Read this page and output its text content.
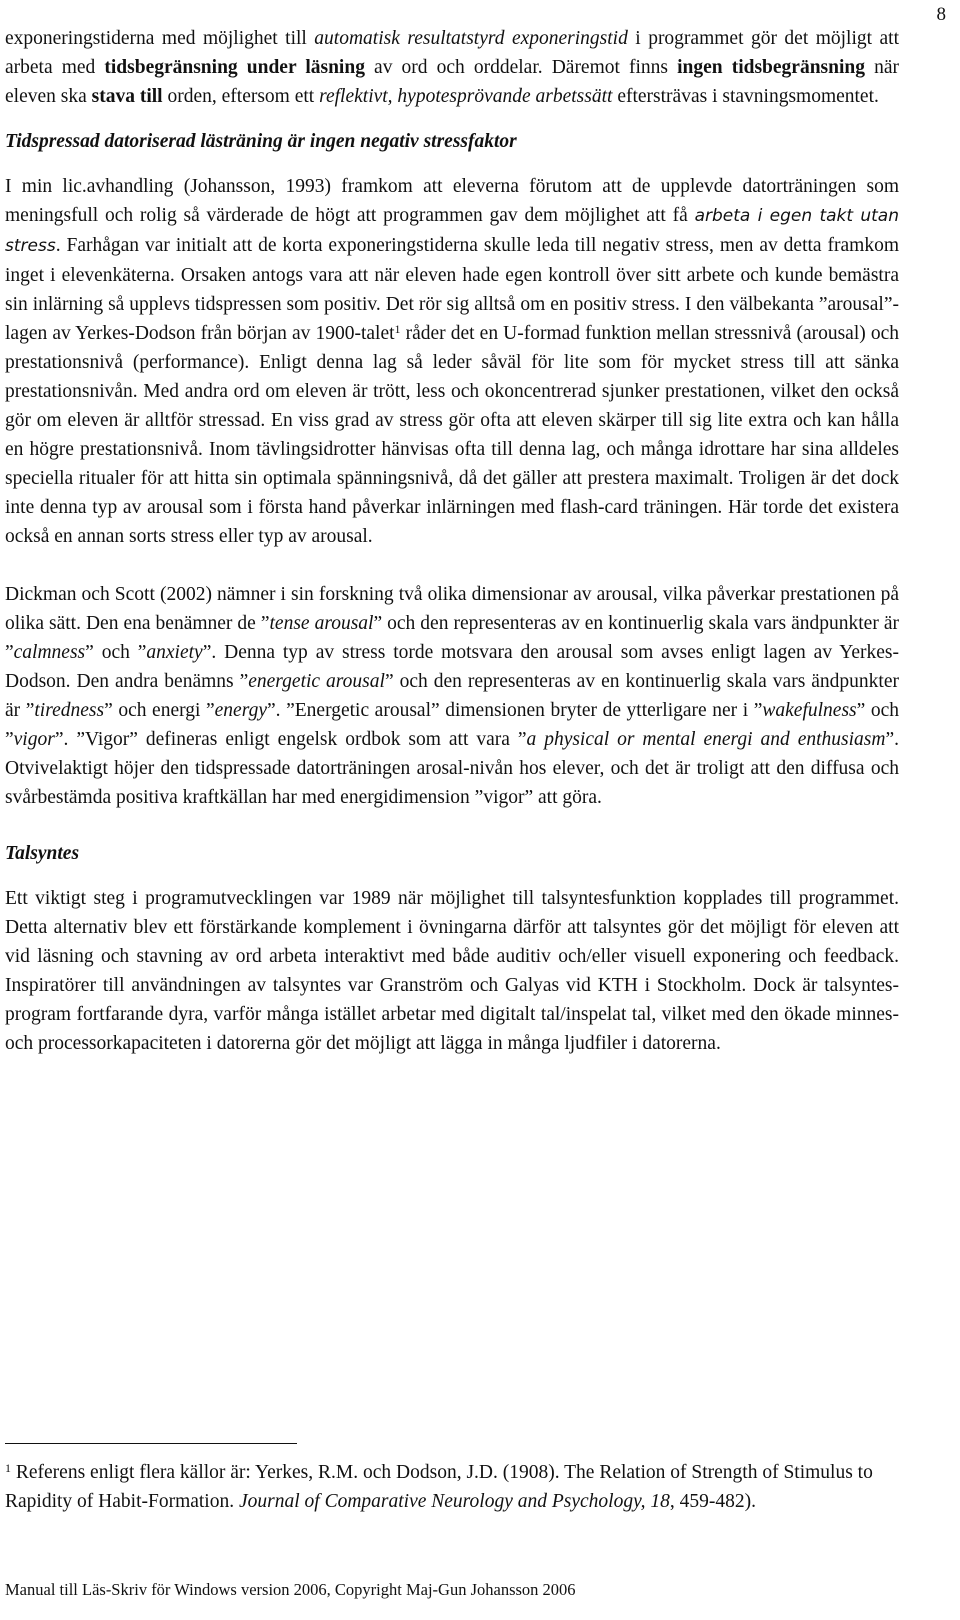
8

exponeringstiderna med möjlighet till automatisk resultatstyrd exponeringstid i programmet gör det möjligt att arbeta med tidsbegränsning under läsning av ord och orddelar. Däremot finns ingen tidsbegränsning när eleven ska stava till orden, eftersom ett reflektivt, hypotesprövande arbetssätt eftersträvas i stavningsmomentet.

Tidspressad datoriserad lästräning är ingen negativ stressfaktor

I min lic.avhandling (Johansson, 1993) framkom att eleverna förutom att de upplevde datorträningen som meningsfull och rolig så värderade de högt att programmen gav dem möjlighet att få arbeta i egen takt utan stress. Farhågan var initialt att de korta exponeringstiderna skulle leda till negativ stress, men av detta framkom inget i elevenkäterna. Orsaken antogs vara att när eleven hade egen kontroll över sitt arbete och kunde bemästra sin inlärning så upplevs tidspressen som positiv. Det rör sig alltså om en positiv stress. I den välbekanta ”arousal”-lagen av Yerkes-Dodson från början av 1900-talet$^1$ råder det en U-formad funktion mellan stressnivå (arousal) och prestationsnivå (performance). Enligt denna lag så leder såväl för lite som för mycket stress till att sänka prestationsnivån. Med andra ord om eleven är trött, less och okoncentrerad sjunker prestationen, vilket den också gör om eleven är alltför stressad. En viss grad av stress gör ofta att eleven skärper till sig lite extra och kan hålla en högre prestationsnivå. Inom tävlingsidrotter hänvisas ofta till denna lag, och många idrottare har sina alldeles speciella ritualer för att hitta sin optimala spänningsnivå, då det gäller att prestera maximalt. Troligen är det dock inte denna typ av arousal som i första hand påverkar inlärningen med flash-card träningen. Här torde det existera också en annan sorts stress eller typ av arousal.

Dickman och Scott (2002) nämner i sin forskning två olika dimensionar av arousal, vilka påverkar prestationen på olika sätt. Den ena benämner de ”tense arousal” och den representeras av en kontinuerlig skala vars ändpunkter är ”calmness” och ”anxiety”. Denna typ av stress torde motsvara den arousal som avses enligt lagen av Yerkes-Dodson. Den andra benämns ”energetic arousal” och den representeras av en kontinuerlig skala vars ändpunkter är ”tiredness” och energi ”energy”. ”Energetic arousal” dimensionen bryter de ytterligare ner i ”wakefulness” och ”vigor”. ”Vigor” defineras enligt engelsk ordbok som att vara ”a physical or mental energi and enthusiasm”. Otvivelaktigt höjer den tidspressade datorträningen arosal-nivån hos elever, och det är troligt att den diffusa och svårbestämda positiva kraftkällan har med energidimension ”vigor” att göra.

Talsyntes

Ett viktigt steg i programutvecklingen var 1989 när möjlighet till talsyntesfunktion kopplades till programmet. Detta alternativ blev ett förstärkande komplement i övningarna därför att talsyntes gör det möjligt för eleven att vid läsning och stavning av ord arbeta interaktivt med både auditiv och/eller visuell exponering och feedback. Inspiratörer till användningen av talsyntes var Granström och Galyas vid KTH i Stockholm. Dock är talsyntes-program fortfarande dyra, varför många istället arbetar med digitalt tal/inspelat tal, vilket med den ökade minnes- och processorkapaciteten i datorerna gör det möjligt att lägga in många ljudfiler i datorerna.

$^1$ Referens enligt flera källor är: Yerkes, R.M. och Dodson, J.D. (1908). The Relation of Strength of Stimulus to Rapidity of Habit-Formation. Journal of Comparative Neurology and Psychology, 18, 459-482).

Manual till Läs-Skriv för Windows version 2006, Copyright Maj-Gun Johansson 2006
